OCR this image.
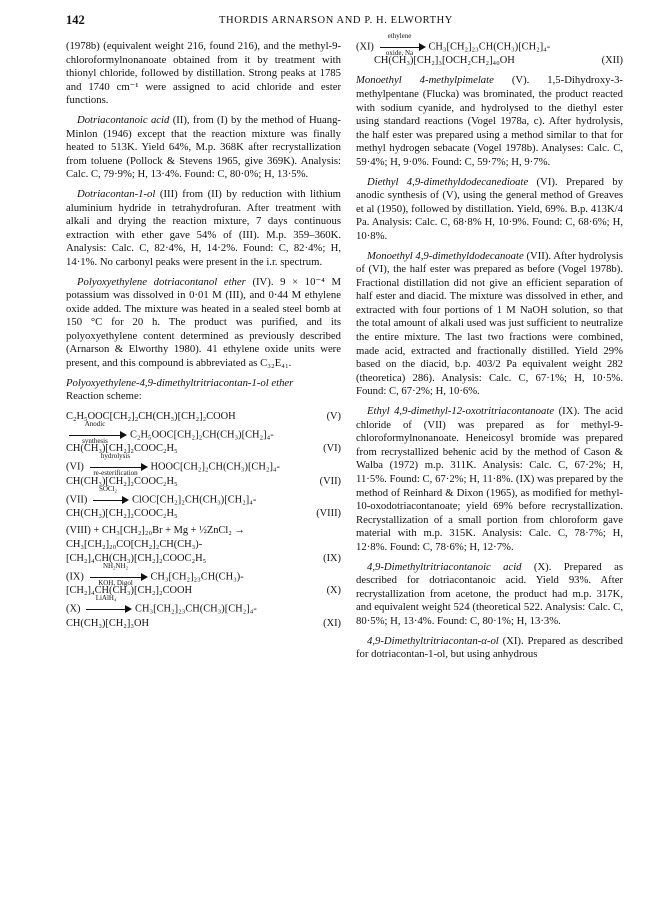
142	THORDIS ARNARSON AND P. H. ELWORTHY

(1978b) (equivalent weight 216, found 216), and the methyl-9-chloroformylnonanoate obtained from it by treatment with thionyl chloride, followed by distillation. Strong peaks at 1785 and 1740 cm⁻¹ were assigned to acid chloride and ester functions.

Dotriacontanoic acid (II), from (I) by the method of Huang-Minlon (1946) except that the reaction mixture was finally heated to 513K. Yield 64%, M.p. 368K after recrystallization from toluene (Pollock & Stevens 1965, give 369K). Analysis: Calc. C, 79·9%; H, 13·4%. Found: C, 80·0%; H, 13·5%.

Dotriacontan-1-ol (III) from (II) by reduction with lithium aluminium hydride in tetrahydrofuran. After treatment with alkali and drying the reaction mixture, 7 days continuous extraction with ether gave 54% of (III). M.p. 359–360K. Analysis: Calc. C, 82·4%, H, 14·2%. Found: C, 82·4%; H, 14·1%. No carbonyl peaks were present in the i.r. spectrum.

Polyoxyethylene dotriacontanol ether (IV). 9 × 10⁻⁴ M potassium was dissolved in 0·01 M (III), and 0·44 M ethylene oxide added. The mixture was heated in a sealed steel bomb at 150 °C for 20 h. The product was purified, and its polyoxyethylene content determined as previously described (Arnarson & Elworthy 1980). 41 ethylene oxide units were present, and this compound is abbreviated as C₃₂E₄₁.

Polyoxyethylene-4,9-dimethyltritriacontan-1-ol ether

Reaction scheme:

C₂H₅OOC[CH₂]₂CH(CH₃)[CH₂]₂COOH	(V)
Anodic
synthesis
C₂H₅OOC[CH₂]₂CH(CH₃)[CH₂]₄-
CH(CH₃)[CH₂]₂COOC₂H₅	(VI)
(VI)
hydrolysis
re-esterification
HOOC[CH₂]₂CH(CH₃)[CH₂]₄-
CH(CH₃)[CH₂]₂COOC₂H₅	(VII)
(VII)
SOCl₂
ClOC[CH₂]₂CH(CH₃)[CH₂]₄-
CH(CH₃)[CH₂]₂COOC₂H₅	(VIII)
(VIII) + CH₃[CH₂]₂₀Br + Mg + ½ZnCl₂ →
CH₃[CH₂]₂₀CO[CH₂]₂CH(CH₃)-
[CH₂]₄CH(CH₃)[CH₂]₂COOC₂H₅	(IX)
(IX)
NH₂NH₂
KOH, Digol
CH₃[CH₂]₂₃CH(CH₃)-
[CH₂]₄CH(CH₃)[CH₂]₂COOH	(X)
(X)
LiAlH₄
CH₃[CH₂]₂₃CH(CH₃)[CH₂]₄-
CH(CH₃)[CH₂]₃OH	(XI)
(XI)
ethylene
oxide, Na
CH₃[CH₂]₂₃CH(CH₃)[CH₂]₄-
CH(CH₃)[CH₂]₃[OCH₂CH₂]₄₀OH	(XII)

Monoethyl 4-methylpimelate (V). 1,5-Dihydroxy-3-methylpentane (Flucka) was brominated, the product reacted with sodium cyanide, and hydrolysed to the diethyl ester using standard reactions (Vogel 1978a, c). After hydrolysis, the half ester was prepared using a method similar to that for methyl hydrogen sebacate (Vogel 1978b). Analyses: Calc. C, 59·4%; H, 9·0%. Found: C, 59·7%; H, 9·7%.

Diethyl 4,9-dimethyldodecanedioate (VI). Prepared by anodic synthesis of (V), using the general method of Greaves et al (1950), followed by distillation. Yield, 69%. B.p. 413K/4 Pa. Analysis: Calc. C, 68·8% H, 10·9%. Found: C, 68·6%; H, 10·8%.

Monoethyl 4,9-dimethyldodecanoate (VII). After hydrolysis of (VI), the half ester was prepared as before (Vogel 1978b). Fractional distillation did not give an efficient separation of half ester and diacid. The mixture was dissolved in ether, and extracted with four portions of 1 M NaOH solution, so that the total amount of alkali used was just sufficient to neutralize the entire mixture. The last two fractions were combined, made acid, extracted and fractionally distilled. Yield 29% based on the diacid, b.p. 403/2 Pa equivalent weight 282 (theoretica) 286). Analysis: Calc. C, 67·1%; H, 10·5%. Found: C, 67·2%; H, 10·6%.

Ethyl 4,9-dimethyl-12-oxotritriacontanoate (IX). The acid chloride of (VII) was prepared as for methyl-9-chloroformylnonanoate. Heneicosyl bromide was prepared from recrystallized behenic acid by the method of Cason & Walba (1972) m.p. 311K. Analysis: Calc. C, 67·2%; H, 11·5%. Found: C, 67·2%; H, 11·8%. (IX) was prepared by the method of Reinhard & Dixon (1965), as modified for methyl-10-oxodotriacontanoate; yield 69% before recrystallization. Recrystallization of a small portion from chloroform gave material with m.p. 315K. Analysis: Calc. C, 78·7%; H, 12·8%. Found: C, 78·6%; H, 12·7%.

4,9-Dimethyltritriacontanoic acid (X). Prepared as described for dotriacontanoic acid. Yield 93%. After recrystallization from acetone, the product had m.p. 317K, and equivalent weight 524 (theoretical 522. Analysis: Calc. C, 80·5%; H, 13·4%. Found: C, 80·1%; H, 13·3%.

4,9-Dimethyltritriacontan-α-ol (XI). Prepared as described for dotriacontan-1-ol, but using anhydrous
